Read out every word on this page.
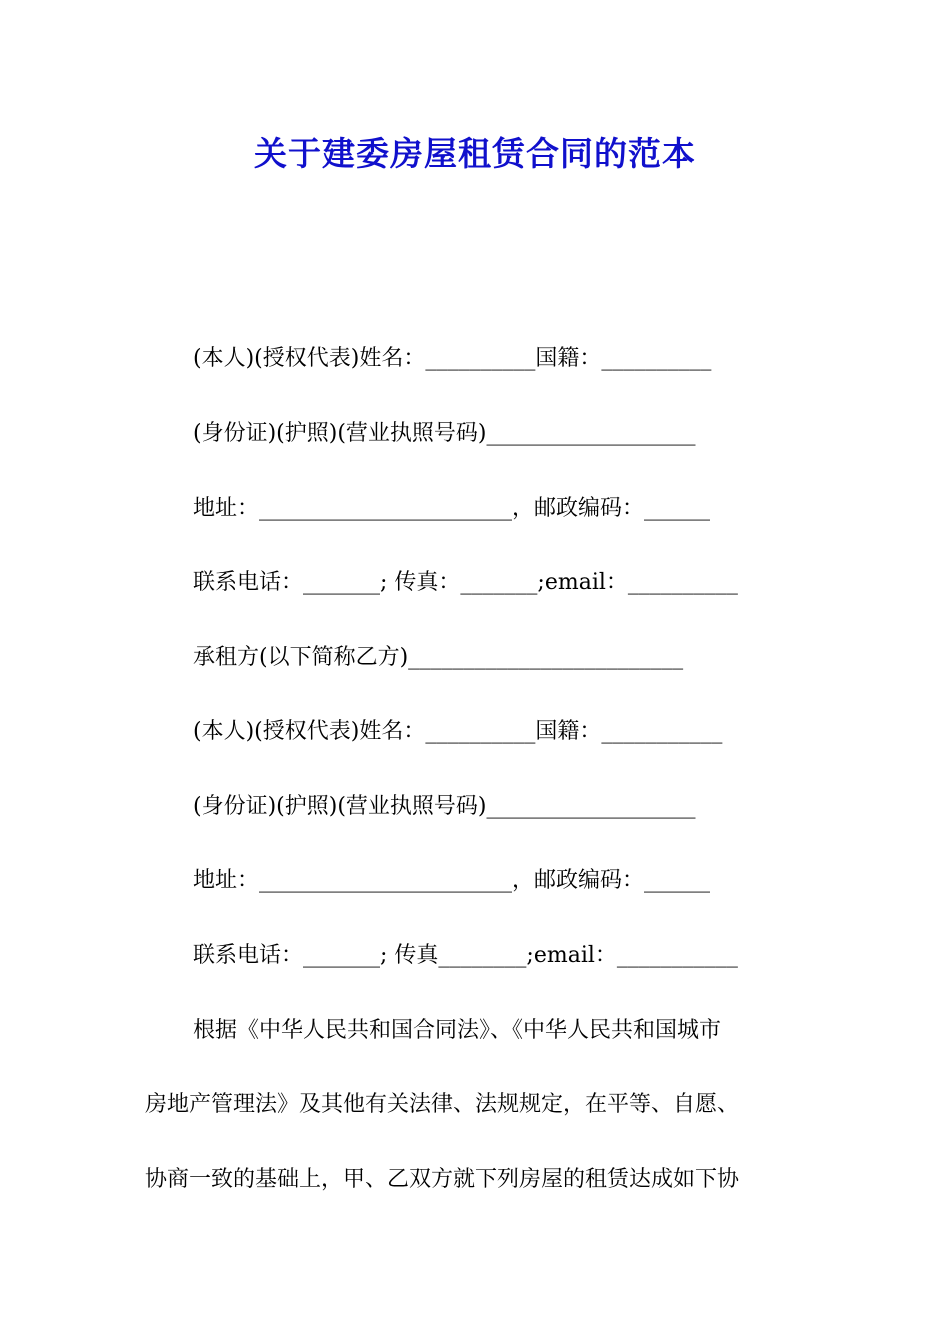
关于建委房屋租赁合同的范本
(本人)(授权代表)姓名：__________国籍：__________
(身份证)(护照)(营业执照号码)___________________
地址：_______________________，邮政编码：______
联系电话：_______; 传真：_______;email：__________
承租方(以下简称乙方)_________________________
(本人)(授权代表)姓名：__________国籍：___________
(身份证)(护照)(营业执照号码)___________________
地址：_______________________，邮政编码：______
联系电话：_______; 传真________;email：___________
根据《中华人民共和国合同法》、《中华人民共和国城市
房地产管理法》及其他有关法律、法规规定，在平等、自愿、
协商一致的基础上，甲、乙双方就下列房屋的租赁达成如下协
